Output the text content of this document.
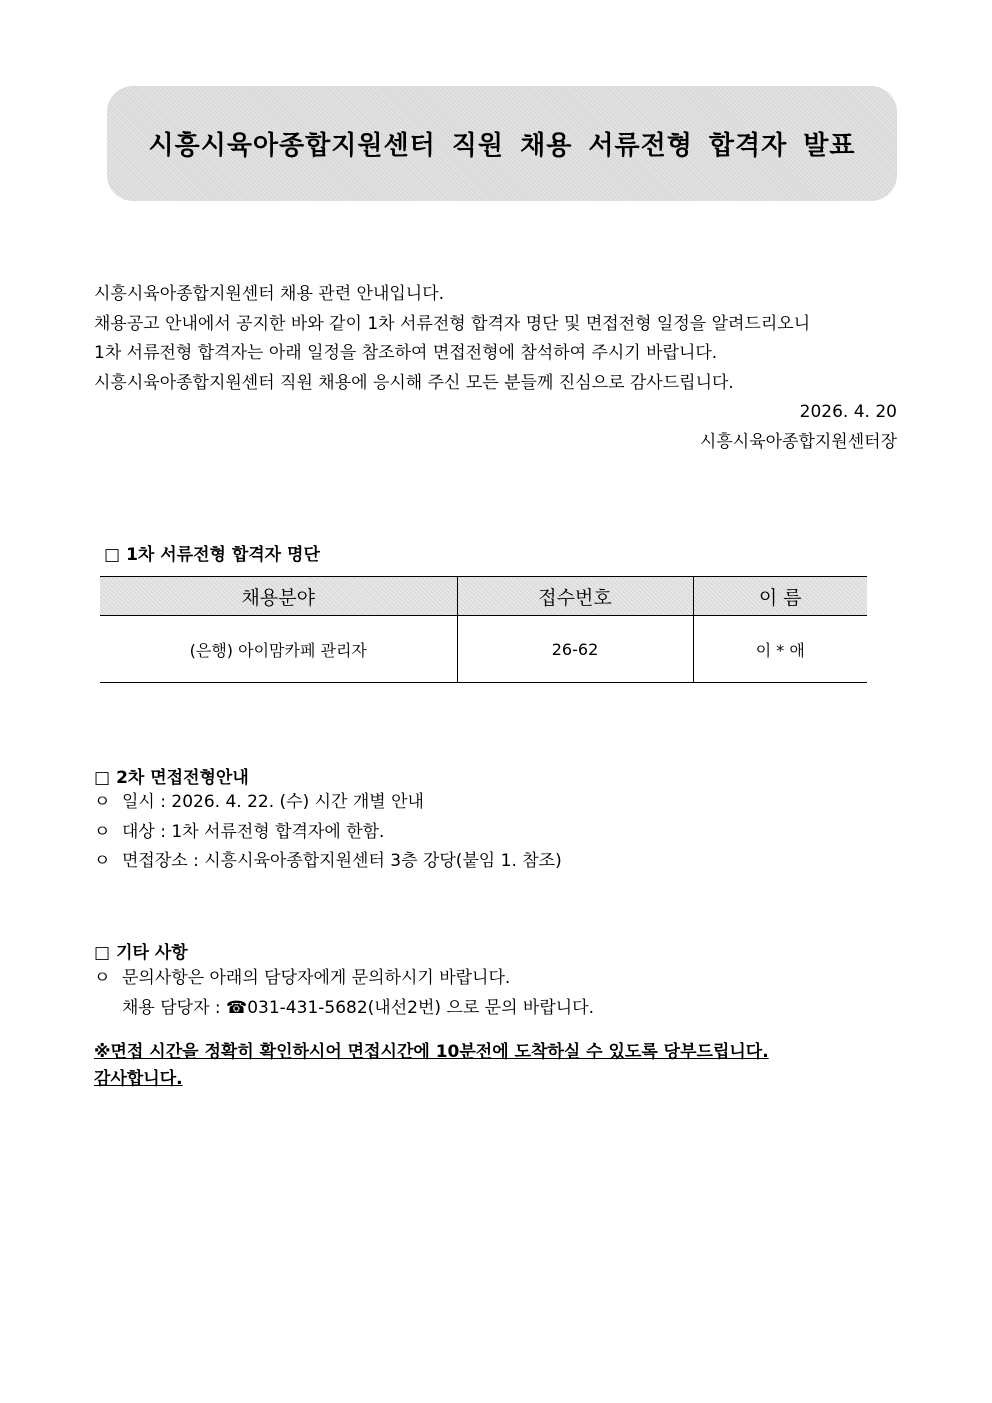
시흥시육아종합지원센터 직원 채용 서류전형 합격자 발표

시흥시육아종합지원센터 채용 관련 안내입니다.

채용공고 안내에서 공지한 바와 같이 1차 서류전형 합격자 명단 및 면접전형 일정을 알려드리오니

1차 서류전형 합격자는 아래 일정을 참조하여 면접전형에 참석하여 주시기 바랍니다.

시흥시육아종합지원센터 직원 채용에 응시해 주신 모든 분들께 진심으로 감사드립니다.

2026. 4. 20

시흥시육아종합지원센터장

□ 1차 서류전형 합격자 명단
채용분야	접수번호	이 름
(은행) 아이맘카페 관리자	26-62	이 * 애
□ 2차 면접전형안내

ㅇ 일시 : 2026. 4. 22. (수) 시간 개별 안내

ㅇ 대상 : 1차 서류전형 합격자에 한함.

ㅇ 면접장소 : 시흥시육아종합지원센터 3층 강당(붙임 1. 참조)

□ 기타 사항

ㅇ 문의사항은 아래의 담당자에게 문의하시기 바랍니다.

채용 담당자 : ☎031-431-5682(내선2번) 으로 문의 바랍니다.

※면접 시간을 정확히 확인하시어 면접시간에 10분전에 도착하실 수 있도록 당부드립니다.

감사합니다.
